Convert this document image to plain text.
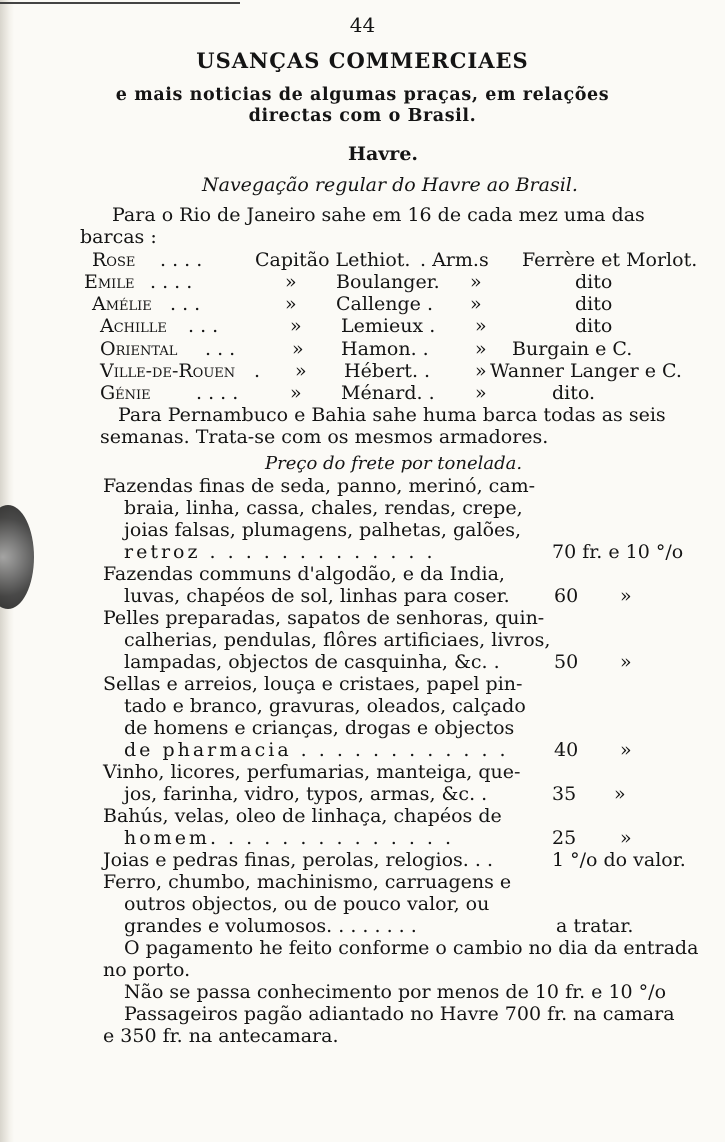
44
USANÇAS COMMERCIAES
e mais noticias de algumas praças, em relações
directas com o Brasil.
Havre.
Navegação regular do Havre ao Brasil.
Para o Rio de Janeiro sahe em 16 de cada mez uma das
barcas :
Rose . . . .	Capitão Lethiot. . Arm.s Ferrère et Morlot.
Emile . . . .	» Boulanger. »	dito
Amélie . . .	» Callenge . »	dito
Achille . . .	» Lemieux . »	dito
Oriental . . .	» Hamon. . » Burgain e C.
Ville-de-Rouen . » Hébert. . » Wanner Langer e C.
Génie . . . .	» Ménard. . »	dito.
Para Pernambuco e Bahia sahe huma barca todas as seis
semanas. Trata-se com os mesmos armadores.
Preço do frete por tonelada.
Fazendas finas de seda, panno, merinó, cam-
braia, linha, cassa, chales, rendas, crepe,
joias falsas, plumagens, palhetas, galões,
retroz . . . . . . . . . . . . .	70 fr. e 10 °/o
Fazendas communs d'algodão, e da India,
luvas, chapéos de sol, linhas para coser. 60 »
Pelles preparadas, sapatos de senhoras, quin-
calherias, pendulas, flôres artificiaes, livros,
lampadas, objectos de casquinha, &c. .	50 »
Sellas e arreios, louça e cristaes, papel pin-
tado e branco, gravuras, oleados, calçado
de homens e crianças, drogas e objectos
de pharmacia . . . . . . . . . . . . 40 »
Vinho, licores, perfumarias, manteiga, que-
jos, farinha, vidro, typos, armas, &c. .	35 »
Bahús, velas, oleo de linhaça, chapéos de
homem. . . . . . . . . . . . . .	25 »
Joias e pedras finas, perolas, relogios. . .	1 °/o do valor.
Ferro, chumbo, machinismo, carruagens e
outros objectos, ou de pouco valor, ou
grandes e volumosos. . . . . . . .	a tratar.
O pagamento he feito conforme o cambio no dia da entrada
no porto.
Não se passa conhecimento por menos de 10 fr. e 10 °/o
Passageiros pagão adiantado no Havre 700 fr. na camara
e 350 fr. na antecamara.
